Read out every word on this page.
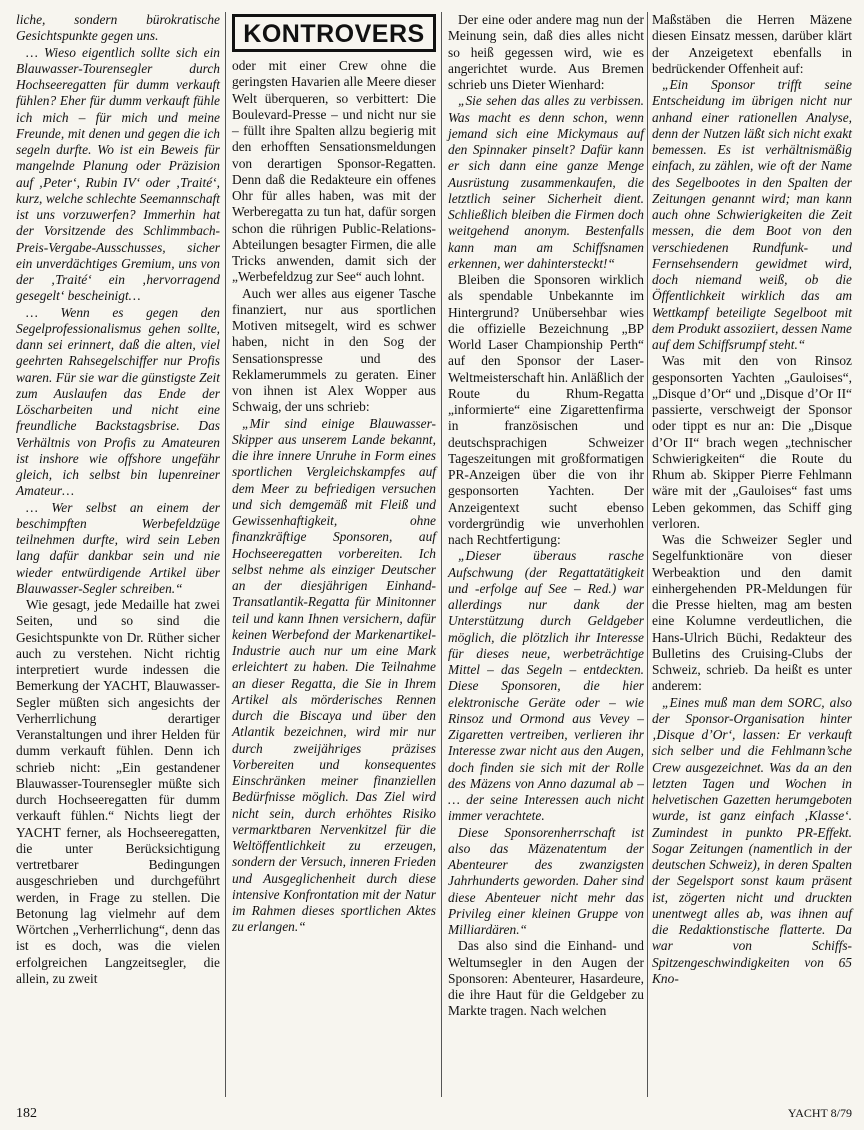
liche, sondern bürokratische Gesichtspunkte gegen uns.

… Wieso eigentlich sollte sich ein Blauwasser-Tourensegler durch Hochseeregatten für dumm verkauft fühlen? Eher für dumm verkauft fühle ich mich – für mich und meine Freunde, mit denen und gegen die ich segeln durfte. Wo ist ein Beweis für mangelnde Planung oder Präzision auf ‚Peter‘, Rubin IV‘ oder ‚Traité‘, kurz, welche schlechte Seemannschaft ist uns vorzuwerfen? Immerhin hat der Vorsitzende des Schlimmbach-Preis-Vergabe-Ausschusses, sicher ein unverdächtiges Gremium, uns von der ‚Traité‘ ein ‚hervorragend gesegelt‘ bescheinigt…

… Wenn es gegen den Segelprofessionalismus gehen sollte, dann sei erinnert, daß die alten, viel geehrten Rahsegelschiffer nur Profis waren. Für sie war die günstigste Zeit zum Auslaufen das Ende der Löscharbeiten und nicht eine freundliche Backstagsbrise. Das Verhältnis von Profis zu Amateuren ist inshore wie offshore ungefähr gleich, ich selbst bin lupenreiner Amateur…

… Wer selbst an einem der beschimpften Werbefeldzüge teilnehmen durfte, wird sein Leben lang dafür dankbar sein und nie wieder entwürdigende Artikel über Blauwasser-Segler schreiben.“

Wie gesagt, jede Medaille hat zwei Seiten, und so sind die Gesichtspunkte von Dr. Rüther sicher auch zu verstehen. Nicht richtig interpretiert wurde indessen die Bemerkung der YACHT, Blauwasser-Segler müßten sich angesichts der Verherrlichung derartiger Veranstaltungen und ihrer Helden für dumm verkauft fühlen. Denn ich schrieb nicht: „Ein gestandener Blauwasser-Tourensegler müßte sich durch Hochseeregatten für dumm verkauft fühlen.“ Nichts liegt der YACHT ferner, als Hochseeregatten, die unter Berücksichtigung vertretbarer Bedingungen ausgeschrieben und durchgeführt werden, in Frage zu stellen. Die Betonung lag vielmehr auf dem Wörtchen „Verherrlichung“, denn das ist es doch, was die vielen erfolgreichen Langzeitsegler, die allein, zu zweit

KONTROVERS

oder mit einer Crew ohne die geringsten Havarien alle Meere dieser Welt überqueren, so verbittert: Die Boulevard-Presse – und nicht nur sie – füllt ihre Spalten allzu begierig mit den erhofften Sensationsmeldungen von derartigen Sponsor-Regatten. Denn daß die Redakteure ein offenes Ohr für alles haben, was mit der Werberegatta zu tun hat, dafür sorgen schon die rührigen Public-Relations-Abteilungen besagter Firmen, die alle Tricks anwenden, damit sich der „Werbefeldzug zur See“ auch lohnt.

Auch wer alles aus eigener Tasche finanziert, nur aus sportlichen Motiven mitsegelt, wird es schwer haben, nicht in den Sog der Sensationspresse und des Reklamerummels zu geraten. Einer von ihnen ist Alex Wopper aus Schwaig, der uns schrieb:

„Mir sind einige Blauwasser-Skipper aus unserem Lande bekannt, die ihre innere Unruhe in Form eines sportlichen Vergleichskampfes auf dem Meer zu befriedigen versuchen und sich demgemäß mit Fleiß und Gewissenhaftigkeit, ohne finanzkräftige Sponsoren, auf Hochseeregatten vorbereiten. Ich selbst nehme als einziger Deutscher an der diesjährigen Einhand-Transatlantik-Regatta für Minitonner teil und kann Ihnen versichern, dafür keinen Werbefond der Markenartikel-Industrie auch nur um eine Mark erleichtert zu haben. Die Teilnahme an dieser Regatta, die Sie in Ihrem Artikel als mörderisches Rennen durch die Biscaya und über den Atlantik bezeichnen, wird mir nur durch zweijähriges präzises Vorbereiten und konsequentes Einschränken meiner finanziellen Bedürfnisse möglich. Das Ziel wird nicht sein, durch erhöhtes Risiko vermarktbaren Nervenkitzel für die Weltöffentlichkeit zu erzeugen, sondern der Versuch, inneren Frieden und Ausgeglichenheit durch diese intensive Konfrontation mit der Natur im Rahmen dieses sportlichen Aktes zu erlangen.“

Der eine oder andere mag nun der Meinung sein, daß dies alles nicht so heiß gegessen wird, wie es angerichtet wurde. Aus Bremen schrieb uns Dieter Wienhard:

„Sie sehen das alles zu verbissen. Was macht es denn schon, wenn jemand sich eine Mickymaus auf den Spinnaker pinselt? Dafür kann er sich dann eine ganze Menge Ausrüstung zusammenkaufen, die letztlich seiner Sicherheit dient. Schließlich bleiben die Firmen doch weitgehend anonym. Bestenfalls kann man am Schiffsnamen erkennen, wer dahintersteckt!“

Bleiben die Sponsoren wirklich als spendable Unbekannte im Hintergrund? Unübersehbar wies die offizielle Bezeichnung „BP World Laser Championship Perth“ auf den Sponsor der Laser-Weltmeisterschaft hin. Anläßlich der Route du Rhum-Regatta „informierte“ eine Zigarettenfirma in französischen und deutschsprachigen Schweizer Tageszeitungen mit großformatigen PR-Anzeigen über die von ihr gesponsorten Yachten. Der Anzeigentext sucht ebenso vordergründig wie unverhohlen nach Rechtfertigung:

„Dieser überaus rasche Aufschwung (der Regattatätigkeit und -erfolge auf See – Red.) war allerdings nur dank der Unterstützung durch Geldgeber möglich, die plötzlich ihr Interesse für dieses neue, werbeträchtige Mittel – das Segeln – entdeckten. Diese Sponsoren, die hier elektronische Geräte oder – wie Rinsoz und Ormond aus Vevey – Zigaretten vertreiben, verlieren ihr Interesse zwar nicht aus den Augen, doch finden sie sich mit der Rolle des Mäzens von Anno dazumal ab – … der seine Interessen auch nicht immer verachtete.

Diese Sponsorenherrschaft ist also das Mäzenatentum der Abenteurer des zwanzigsten Jahrhunderts geworden. Daher sind diese Abenteuer nicht mehr das Privileg einer kleinen Gruppe von Milliardären.“

Das also sind die Einhand- und Weltumsegler in den Augen der Sponsoren: Abenteurer, Hasardeure, die ihre Haut für die Geldgeber zu Markte tragen. Nach welchen

Maßstäben die Herren Mäzene diesen Einsatz messen, darüber klärt der Anzeigetext ebenfalls in bedrückender Offenheit auf:

„Ein Sponsor trifft seine Entscheidung im übrigen nicht nur anhand einer rationellen Analyse, denn der Nutzen läßt sich nicht exakt bemessen. Es ist verhältnismäßig einfach, zu zählen, wie oft der Name des Segelbootes in den Spalten der Zeitungen genannt wird; man kann auch ohne Schwierigkeiten die Zeit messen, die dem Boot von den verschiedenen Rundfunk- und Fernsehsendern gewidmet wird, doch niemand weiß, ob die Öffentlichkeit wirklich das am Wettkampf beteiligte Segelboot mit dem Produkt assoziiert, dessen Name auf dem Schiffsrumpf steht.“

Was mit den von Rinsoz gesponsorten Yachten „Gauloises“, „Disque d’Or“ und „Disque d’Or II“ passierte, verschweigt der Sponsor oder tippt es nur an: Die „Disque d’Or II“ brach wegen „technischer Schwierigkeiten“ die Route du Rhum ab. Skipper Pierre Fehlmann wäre mit der „Gauloises“ fast ums Leben gekommen, das Schiff ging verloren.

Was die Schweizer Segler und Segelfunktionäre von dieser Werbeaktion und den damit einhergehenden PR-Meldungen für die Presse hielten, mag am besten eine Kolumne verdeutlichen, die Hans-Ulrich Büchi, Redakteur des Bulletins des Cruising-Clubs der Schweiz, schrieb. Da heißt es unter anderem:

„Eines muß man dem SORC, also der Sponsor-Organisation hinter ‚Disque d’Or‘, lassen: Er verkauft sich selber und die Fehlmann’sche Crew ausgezeichnet. Was da an den letzten Tagen und Wochen in helvetischen Gazetten herumgeboten wurde, ist ganz einfach ‚Klasse‘. Zumindest in punkto PR-Effekt. Sogar Zeitungen (namentlich in der deutschen Schweiz), in deren Spalten der Segelsport sonst kaum präsent ist, zögerten nicht und druckten unentwegt alles ab, was ihnen auf die Redaktionstische flatterte. Da war von Schiffs-Spitzengeschwindigkeiten von 65 Kno-

182	YACHT 8/79
